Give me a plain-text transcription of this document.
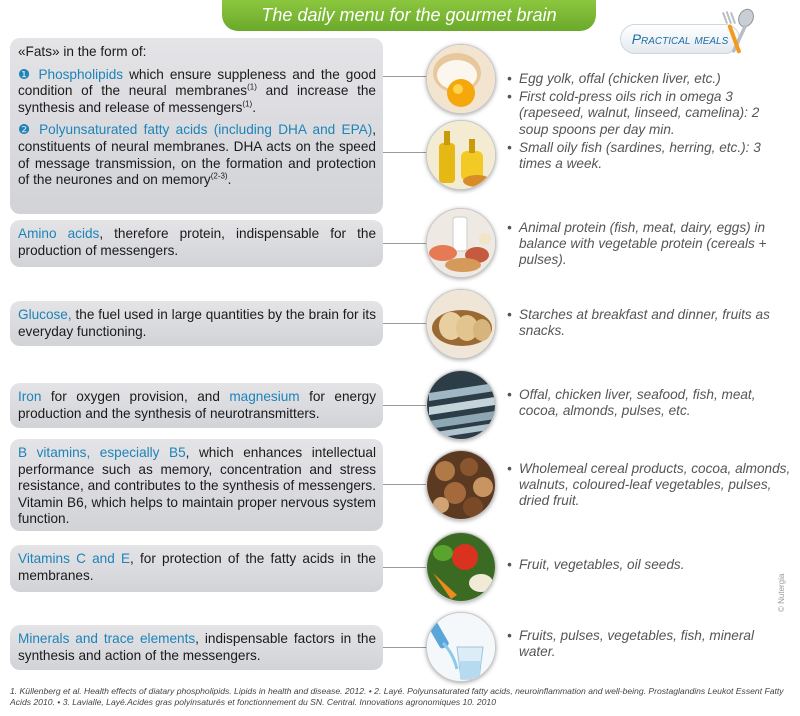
The daily menu for the gourmet brain
Practical meals
«Fats» in the form of:
❶ Phospholipids which ensure suppleness and the good condition of the neural membranes$^{(1)}$ and increase the synthesis and release of messengers$^{(1)}$.
❷ Polyunsaturated fatty acids (including DHA and EPA), constituents of neural membranes. DHA acts on the speed of message transmission, on the formation and protection of the neurones and on memory$^{(2-3)}$.
Amino acids, therefore protein, indispensable for the production of messengers.
Glucose, the fuel used in large quantities by the brain for its everyday functioning.
Iron for oxygen provision, and magnesium for energy production and the synthesis of neurotransmitters.
B vitamins, especially B5, which enhances intellectual performance such as memory, concentration and stress resistance, and contributes to the synthesis of messengers. Vitamin B6, which helps to maintain proper nervous system function.
Vitamins C and E, for protection of the fatty acids in the membranes.
Minerals and trace elements, indispensable factors in the synthesis and action of the messengers.
• Egg yolk, offal (chicken liver, etc.)
• First cold-press oils rich in omega 3 (rapeseed, walnut, linseed, camelina): 2 soup spoons per day min.
• Small oily fish (sardines, herring, etc.): 3 times a week.
• Animal protein (fish, meat, dairy, eggs) in balance with vegetable protein (cereals + pulses).
• Starches at breakfast and dinner, fruits as snacks.
• Offal, chicken liver, seafood, fish, meat, cocoa, almonds, pulses, etc.
• Wholemeal cereal products, cocoa, almonds, walnuts, coloured-leaf vegetables, pulses, dried fruit.
• Fruit, vegetables, oil seeds.
• Fruits, pulses, vegetables, fish, mineral water.
© Nutergia
1. Küllenberg et al. Health effects of diatary phospholipids. Lipids in health and disease. 2012. • 2. Layé. Polyunsaturated fatty acids, neuroinflammation and well-being. Prostaglandins Leukot Essent Fatty Acids 2010. • 3. Lavialle, Layé.Acides gras polyinsaturés et fonctionnement du SN. Central. Innovations agronomiques 10. 2010
